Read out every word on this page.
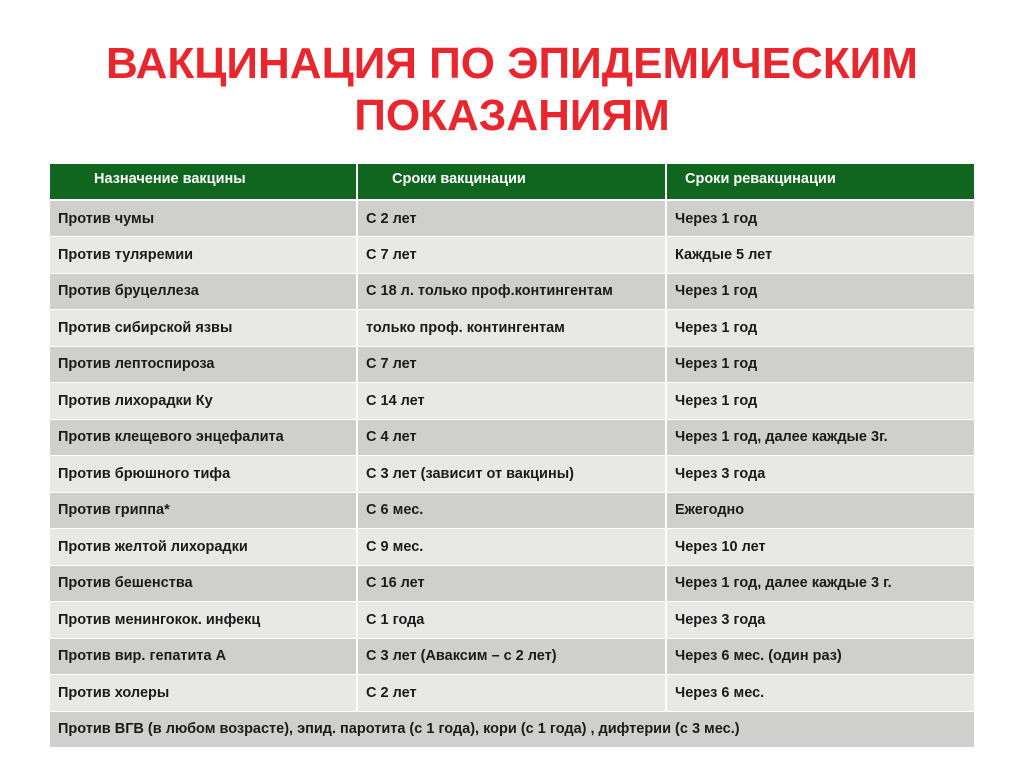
ВАКЦИНАЦИЯ ПО ЭПИДЕМИЧЕСКИМ
ПОКАЗАНИЯМ
Назначение вакцины	Сроки вакцинации	Сроки ревакцинации
Против чумы	С 2 лет	Через 1 год
Против туляремии	С 7 лет	Каждые 5 лет
Против бруцеллеза	С 18 л. только проф.контингентам	Через 1 год
Против сибирской язвы	только проф. контингентам	Через 1 год
Против лептоспироза	С 7 лет	Через 1 год
Против лихорадки Ку	С 14 лет	Через 1 год
Против клещевого энцефалита	С 4 лет	Через 1 год, далее каждые 3г.
Против брюшного тифа	С 3 лет (зависит от вакцины)	Через 3 года
Против гриппа*	С 6 мес.	Ежегодно
Против желтой лихорадки	С 9 мес.	Через 10 лет
Против бешенства	С 16 лет	Через 1 год, далее каждые 3 г.
Против менингокок. инфекц	С 1 года	Через 3 года
Против вир. гепатита А	С 3 лет (Аваксим – с 2 лет)	Через 6 мес. (один раз)
Против холеры	С 2 лет	Через 6 мес.
Против ВГВ (в любом возрасте), эпид. паротита (с 1 года), кори (с 1 года) , дифтерии (с 3 мес.)		
